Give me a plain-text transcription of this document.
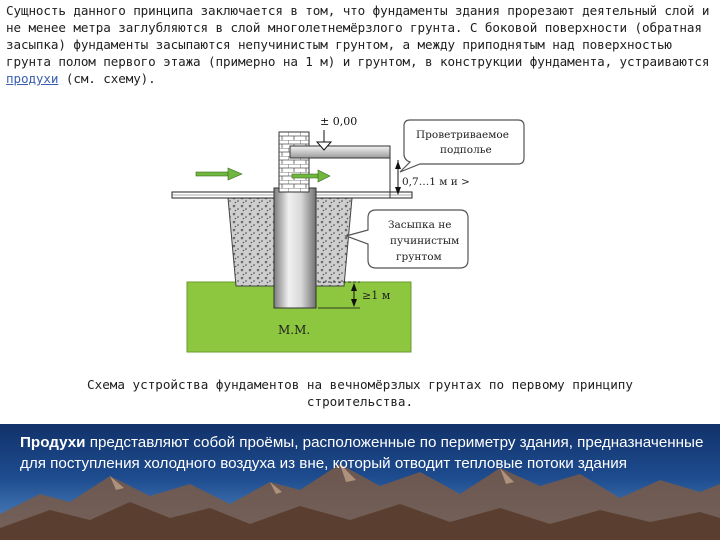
Сущность данного принципа заключается в том, что фундаменты здания прорезают деятельный слой и не менее метра заглубляются в слой многолетнемёрзлого грунта. С боковой поверхности (обратная засыпка) фундаменты засыпаются непучинистым грунтом, а между приподнятым над поверхностью грунта полом первого этажа (примерно на 1 м) и грунтом, в конструкции фундамента, устраиваются продухи (см. схему).
± 0,00
Проветриваемое
подполье
0,7…1 м и >
Засыпка не
пучинистым
грунтом
≥1 м
М.М.
Схема устройства фундаментов на вечномёрзлых грунтах по первому принципу
строительства.
Продухи представляют собой проёмы, расположенные по периметру здания, предназначенные для поступления холодного воздуха из вне, который отводит тепловые потоки здания
